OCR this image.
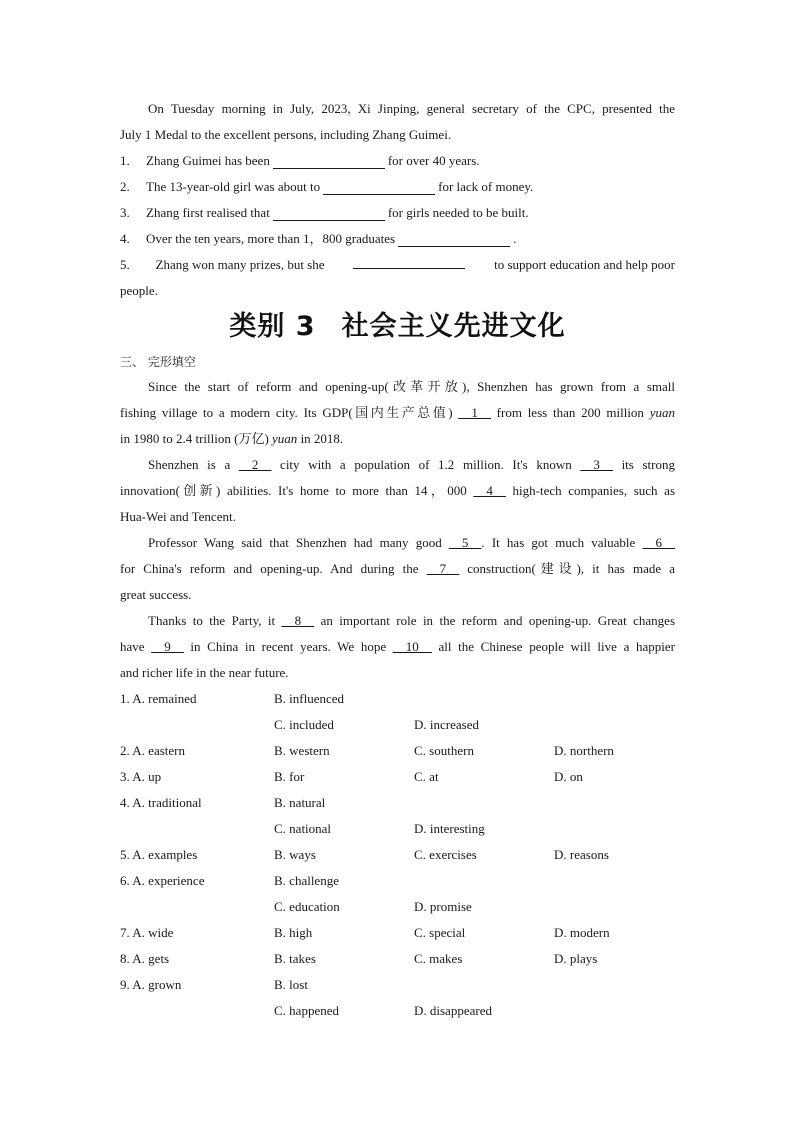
On Tuesday morning in July, 2023, Xi Jinping, general secretary of the CPC, presented the
July 1 Medal to the excellent persons, including Zhang Guimei.
1. Zhang Guimei has been	for over 40 years.
2. The 13-year-old girl was about to	for lack of money.
3. Zhang first realised that	for girls needed to be built.
4. Over the ten years, more than 1，800 graduates	.
5. Zhang won many prizes, but she	to support education and help poor
people.
类别 3 社会主义先进文化
三、 完形填空
Since the start of reform and opening-up(改革开放), Shenzhen has grown from a small
fishing village to a modern city. Its GDP(国内生产总值) __1__ from less than 200 million yuan
in 1980 to 2.4 trillion (万亿) yuan in 2018.
Shenzhen is a __2__ city with a population of 1.2 million. It's known __3__ its strong
innovation(创新) abilities. It's home to more than 14，000 __4__ high-tech companies, such as
Hua-Wei and Tencent.
Professor Wang said that Shenzhen had many good __5__. It has got much valuable __6__
for China's reform and opening-up. And during the __7__ construction(建设), it has made a
great success.
Thanks to the Party, it __8__ an important role in the reform and opening-up. Great changes
have __9__ in China in recent years. We hope __10__ all the Chinese people will live a happier
and richer life in the near future.
1. A. remained	B. influenced
C. included	D. increased
2. A. eastern	B. western	C. southern	D. northern
3. A. up	B. for	C. at	D. on
4. A. traditional	B. natural
C. national	D. interesting
5. A. examples	B. ways	C. exercises	D. reasons
6. A. experience	B. challenge
C. education	D. promise
7. A. wide	B. high	C. special	D. modern
8. A. gets	B. takes	C. makes	D. plays
9. A. grown	B. lost
C. happened	D. disappeared
